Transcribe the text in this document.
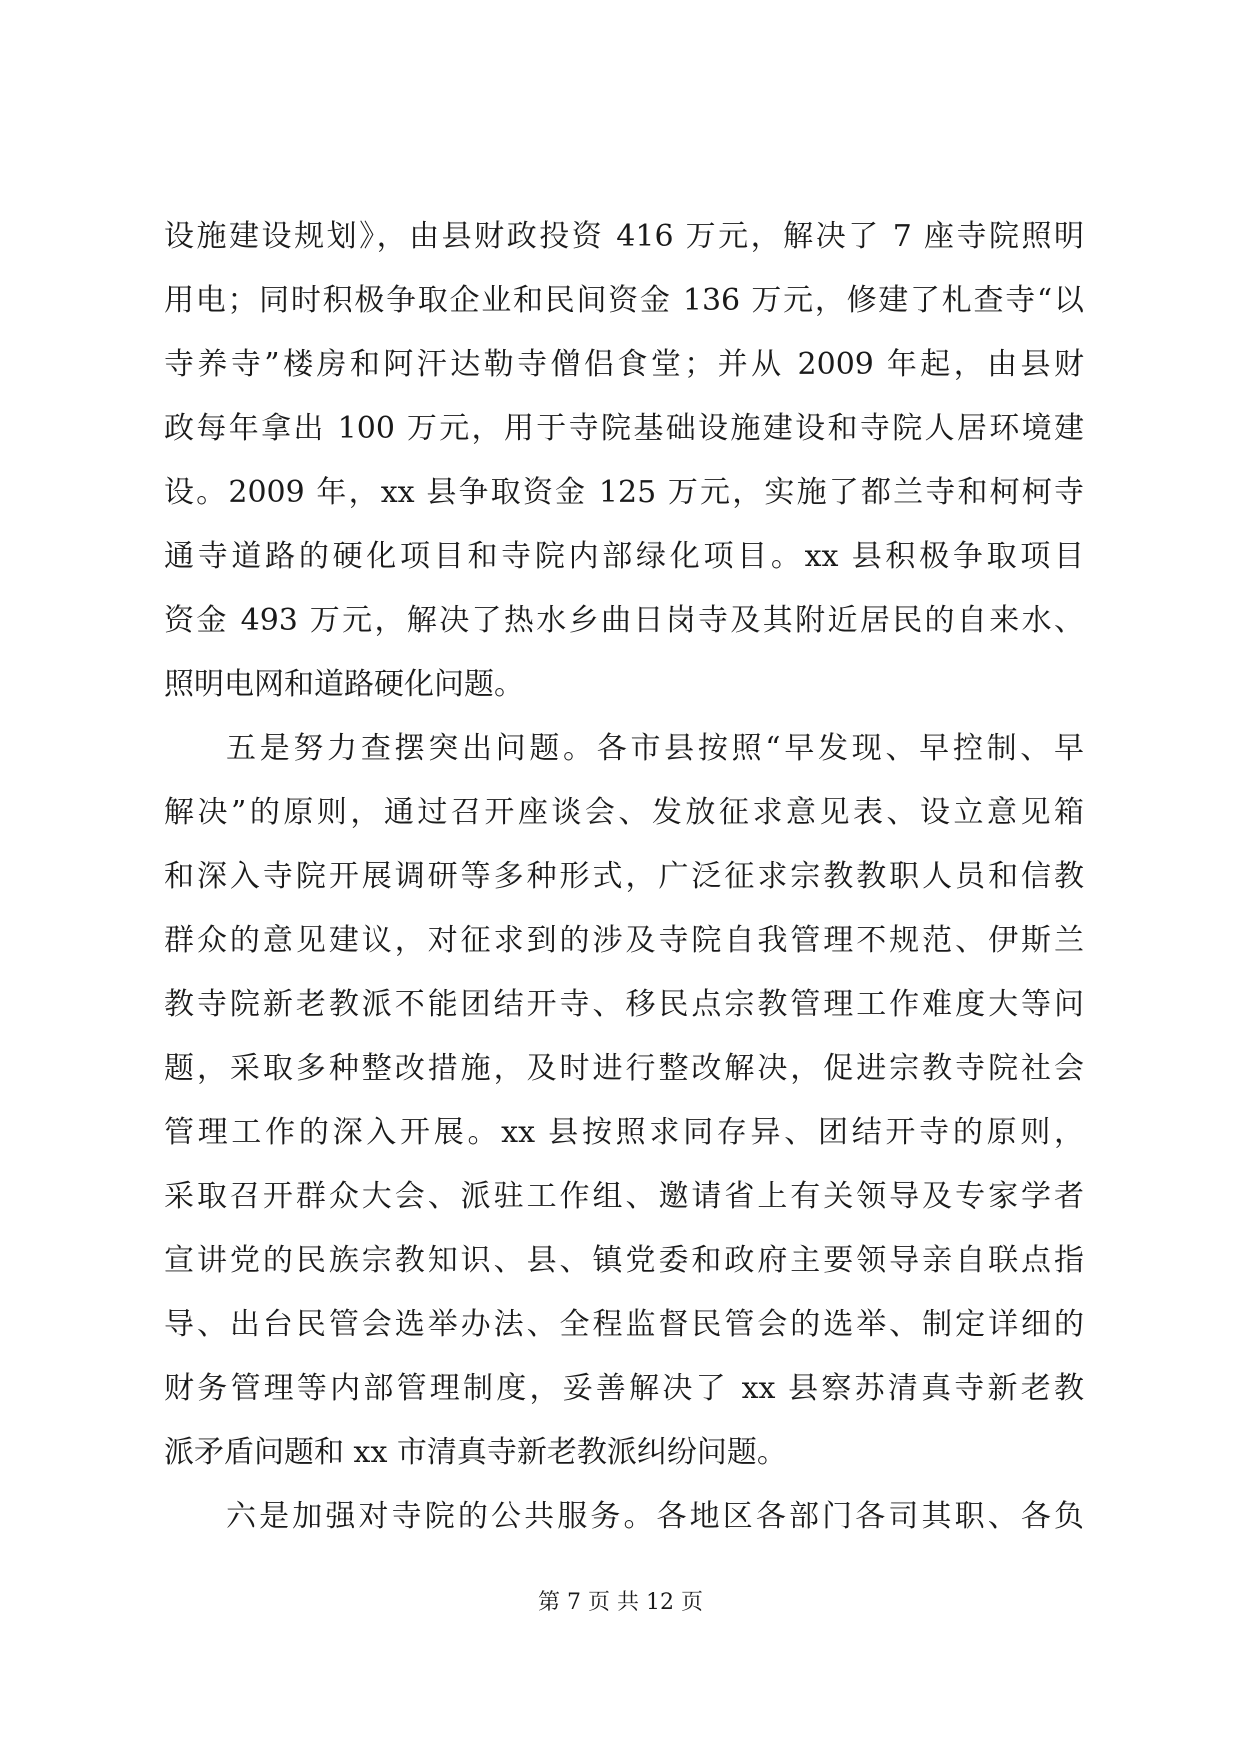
设施建设规划》，由县财政投资 416 万元，解决了 7 座寺院照明
用电；同时积极争取企业和民间资金 136 万元，修建了札查寺“以
寺养寺”楼房和阿汗达勒寺僧侣食堂；并从 2009 年起，由县财
政每年拿出 100 万元，用于寺院基础设施建设和寺院人居环境建
设。2009 年，xx 县争取资金 125 万元，实施了都兰寺和柯柯寺
通寺道路的硬化项目和寺院内部绿化项目。xx 县积极争取项目
资金 493 万元，解决了热水乡曲日岗寺及其附近居民的自来水、
照明电网和道路硬化问题。
五是努力查摆突出问题。各市县按照“早发现、早控制、早
解决”的原则，通过召开座谈会、发放征求意见表、设立意见箱
和深入寺院开展调研等多种形式，广泛征求宗教教职人员和信教
群众的意见建议，对征求到的涉及寺院自我管理不规范、伊斯兰
教寺院新老教派不能团结开寺、移民点宗教管理工作难度大等问
题，采取多种整改措施，及时进行整改解决，促进宗教寺院社会
管理工作的深入开展。xx 县按照求同存异、团结开寺的原则，
采取召开群众大会、派驻工作组、邀请省上有关领导及专家学者
宣讲党的民族宗教知识、县、镇党委和政府主要领导亲自联点指
导、出台民管会选举办法、全程监督民管会的选举、制定详细的
财务管理等内部管理制度，妥善解决了 xx 县察苏清真寺新老教
派矛盾问题和 xx 市清真寺新老教派纠纷问题。
六是加强对寺院的公共服务。各地区各部门各司其职、各负
第 7 页 共 12 页
